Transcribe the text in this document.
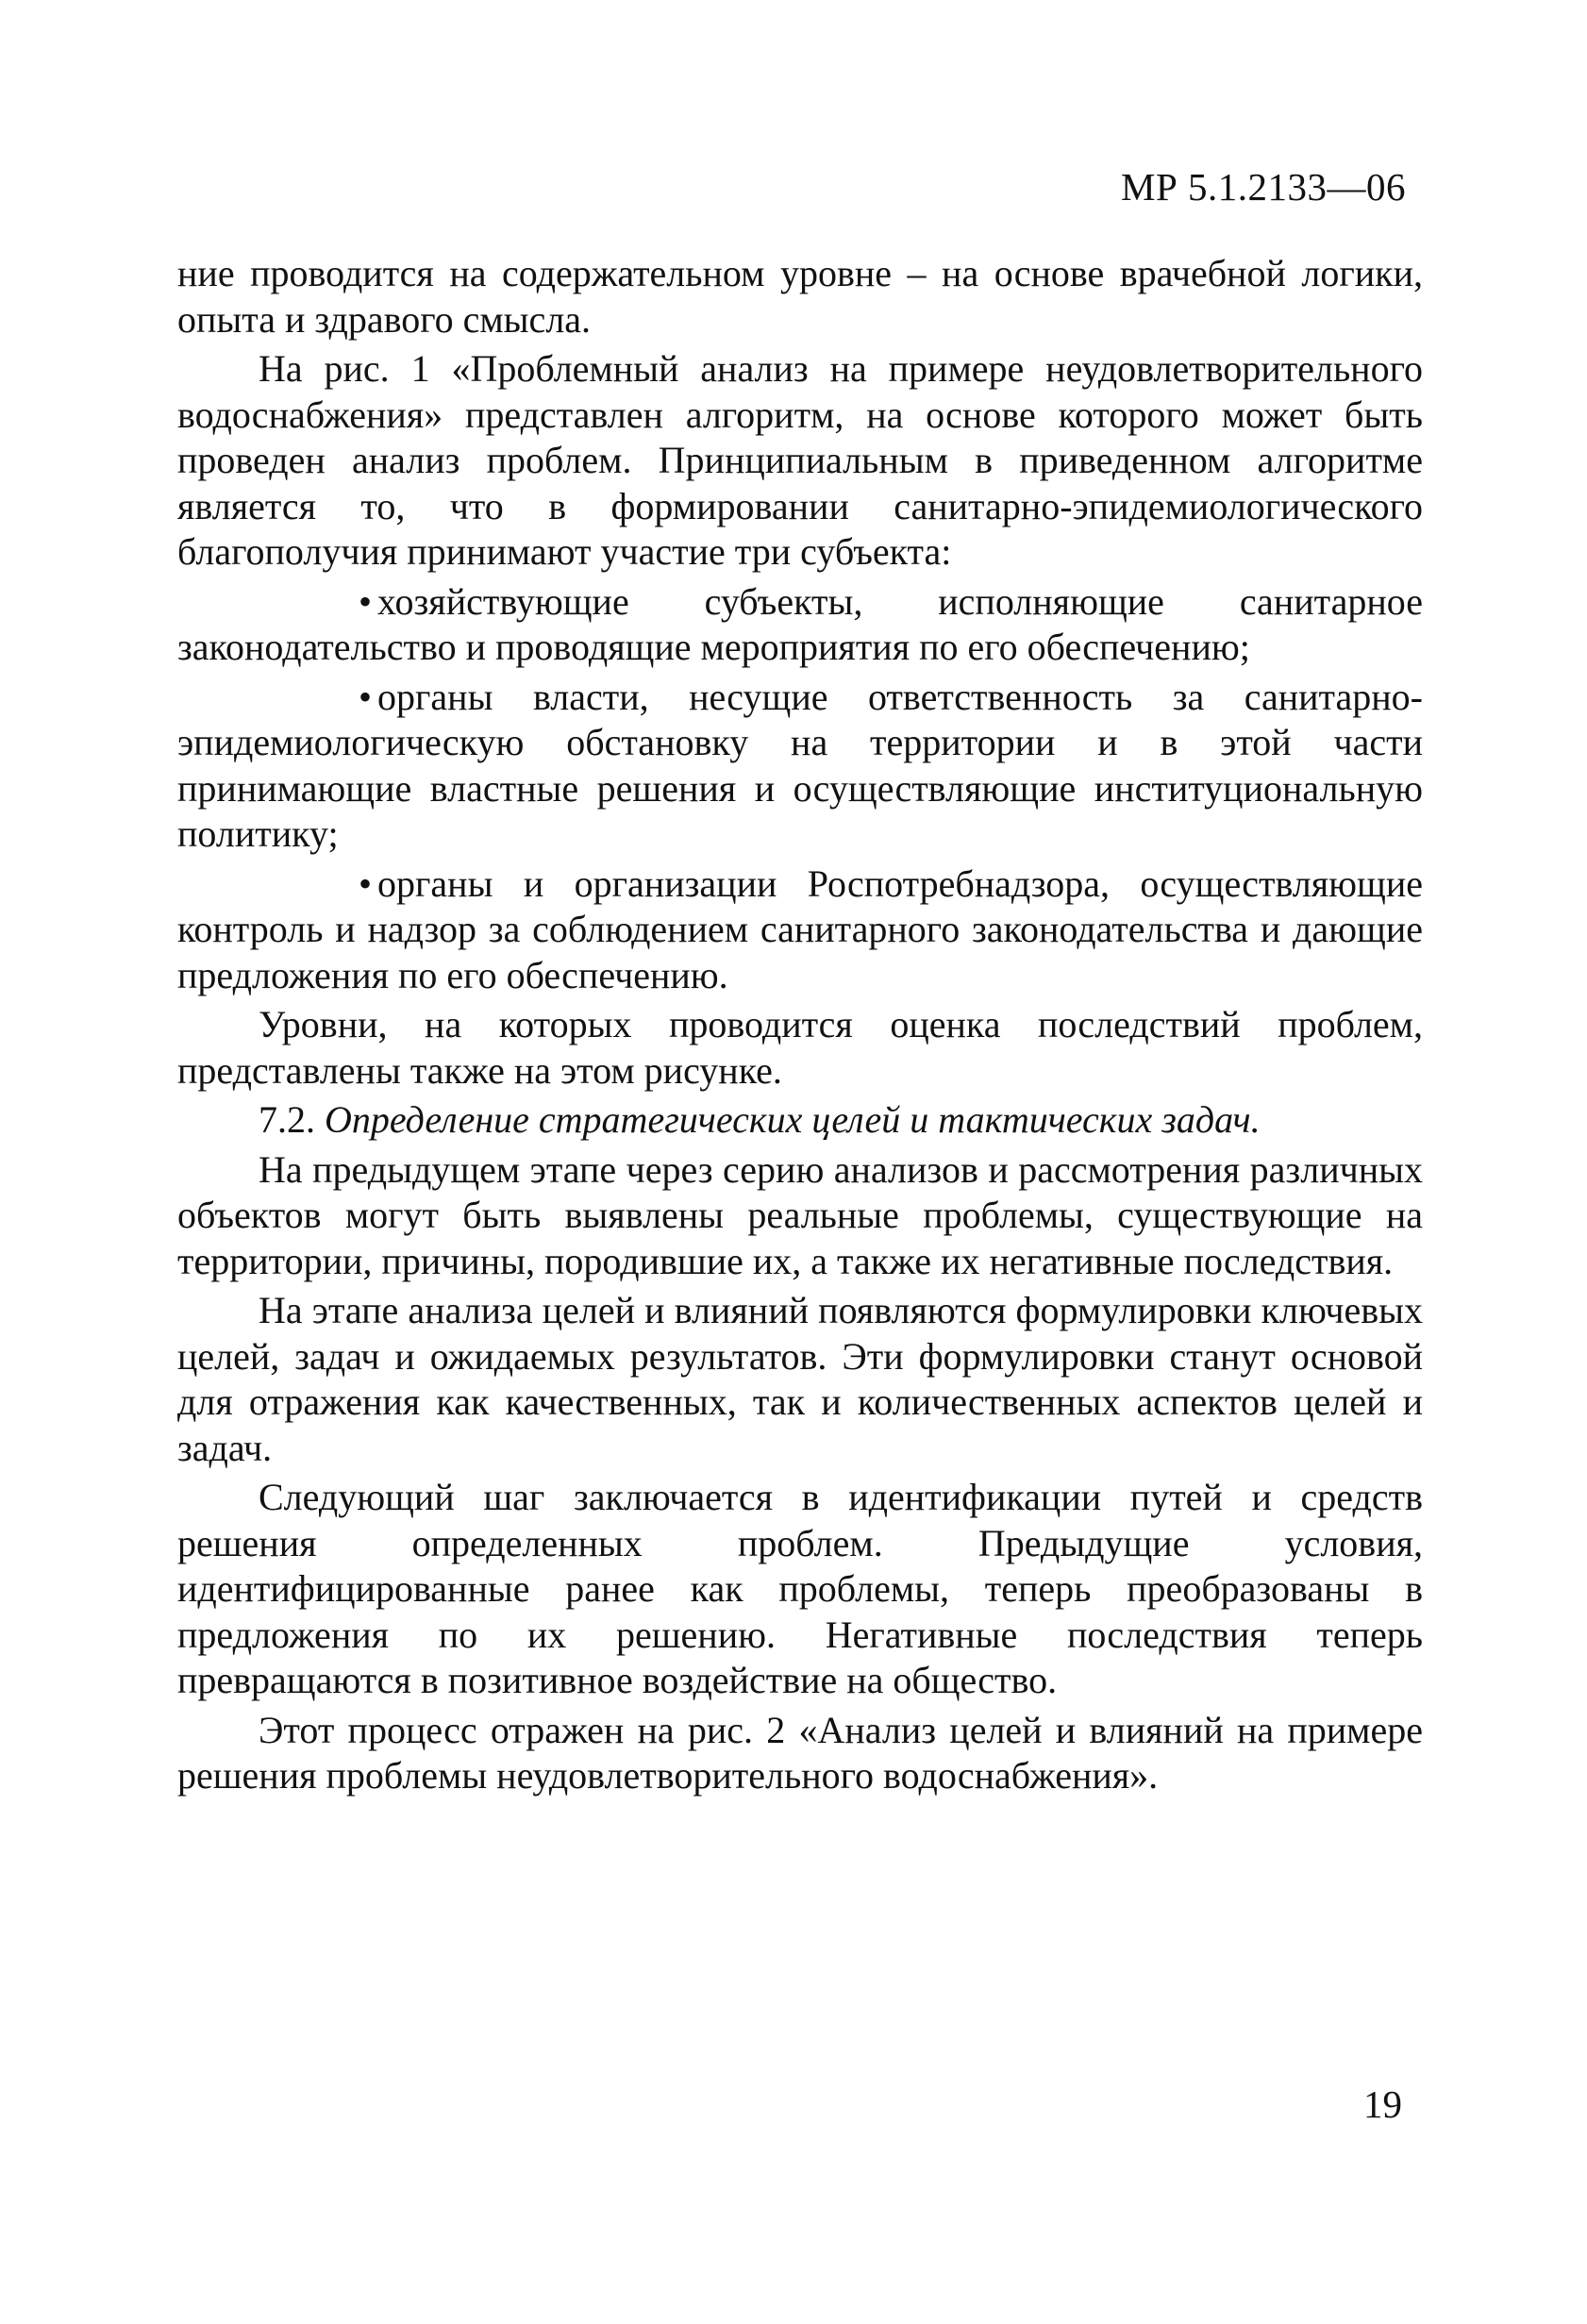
МР 5.1.2133—06

ние проводится на содержательном уровне – на основе врачебной логики, опыта и здравого смысла.

На рис. 1 «Проблемный анализ на примере неудовлетворительного водоснабжения» представлен алгоритм, на основе которого может быть проведен анализ проблем. Принципиальным в приведенном алгоритме является то, что в формировании санитарно-эпидемиологического благополучия принимают участие три субъекта:

• хозяйствующие субъекты, исполняющие санитарное законодательство и проводящие мероприятия по его обеспечению;

• органы власти, несущие ответственность за санитарно-эпидемиологическую обстановку на территории и в этой части принимающие властные решения и осуществляющие институциональную политику;

• органы и организации Роспотребнадзора, осуществляющие контроль и надзор за соблюдением санитарного законодательства и дающие предложения по его обеспечению.

Уровни, на которых проводится оценка последствий проблем, представлены также на этом рисунке.

7.2. Определение стратегических целей и тактических задач.

На предыдущем этапе через серию анализов и рассмотрения различных объектов могут быть выявлены реальные проблемы, существующие на территории, причины, породившие их, а также их негативные последствия.

На этапе анализа целей и влияний появляются формулировки ключевых целей, задач и ожидаемых результатов. Эти формулировки станут основой для отражения как качественных, так и количественных аспектов целей и задач.

Следующий шаг заключается в идентификации путей и средств решения определенных проблем. Предыдущие условия, идентифицированные ранее как проблемы, теперь преобразованы в предложения по их решению. Негативные последствия теперь превращаются в позитивное воздействие на общество.

Этот процесс отражен на рис. 2 «Анализ целей и влияний на примере решения проблемы неудовлетворительного водоснабжения».

19
